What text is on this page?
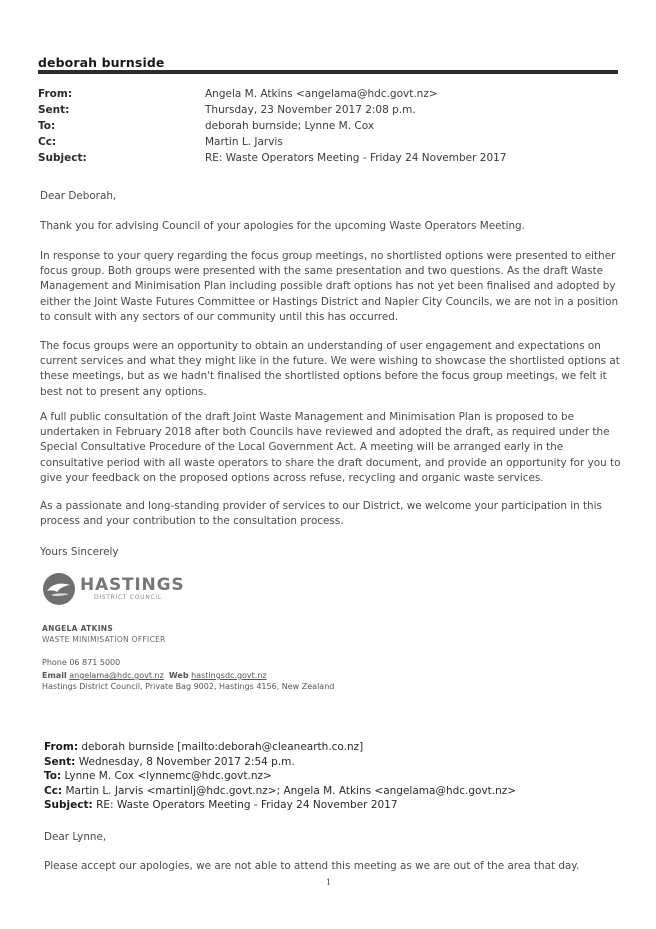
deborah burnside
From:	Angela M. Atkins <angelama@hdc.govt.nz>
Sent:	Thursday, 23 November 2017 2:08 p.m.
To:	deborah burnside; Lynne M. Cox
Cc:	Martin L. Jarvis
Subject:	RE: Waste Operators Meeting - Friday 24 November 2017

Dear Deborah,

Thank you for advising Council of your apologies for the upcoming Waste Operators Meeting.

In response to your query regarding the focus group meetings, no shortlisted options were presented to either focus group. Both groups were presented with the same presentation and two questions. As the draft Waste Management and Minimisation Plan including possible draft options has not yet been finalised and adopted by either the Joint Waste Futures Committee or Hastings District and Napier City Councils, we are not in a position to consult with any sectors of our community until this has occurred.

The focus groups were an opportunity to obtain an understanding of user engagement and expectations on current services and what they might like in the future. We were wishing to showcase the shortlisted options at these meetings, but as we hadn't finalised the shortlisted options before the focus group meetings, we felt it best not to present any options.

A full public consultation of the draft Joint Waste Management and Minimisation Plan is proposed to be undertaken in February 2018 after both Councils have reviewed and adopted the draft, as required under the Special Consultative Procedure of the Local Government Act. A meeting will be arranged early in the consultative period with all waste operators to share the draft document, and provide an opportunity for you to give your feedback on the proposed options across refuse, recycling and organic waste services.

As a passionate and long-standing provider of services to our District, we welcome your participation in this process and your contribution to the consultation process.

Yours Sincerely

HASTINGS
DISTRICT COUNCIL
ANGELA ATKINS
WASTE MINIMISATION OFFICER
Phone 06 871 5000
Email angelama@hdc.govt.nz Web hastingsdc.govt.nz
Hastings District Council, Private Bag 9002, Hastings 4156, New Zealand
From: deborah burnside [mailto:deborah@cleanearth.co.nz]
Sent: Wednesday, 8 November 2017 2:54 p.m.
To: Lynne M. Cox <lynnemc@hdc.govt.nz>
Cc: Martin L. Jarvis <martinlj@hdc.govt.nz>; Angela M. Atkins <angelama@hdc.govt.nz>
Subject: RE: Waste Operators Meeting - Friday 24 November 2017

Dear Lynne,

Please accept our apologies, we are not able to attend this meeting as we are out of the area that day.

1
